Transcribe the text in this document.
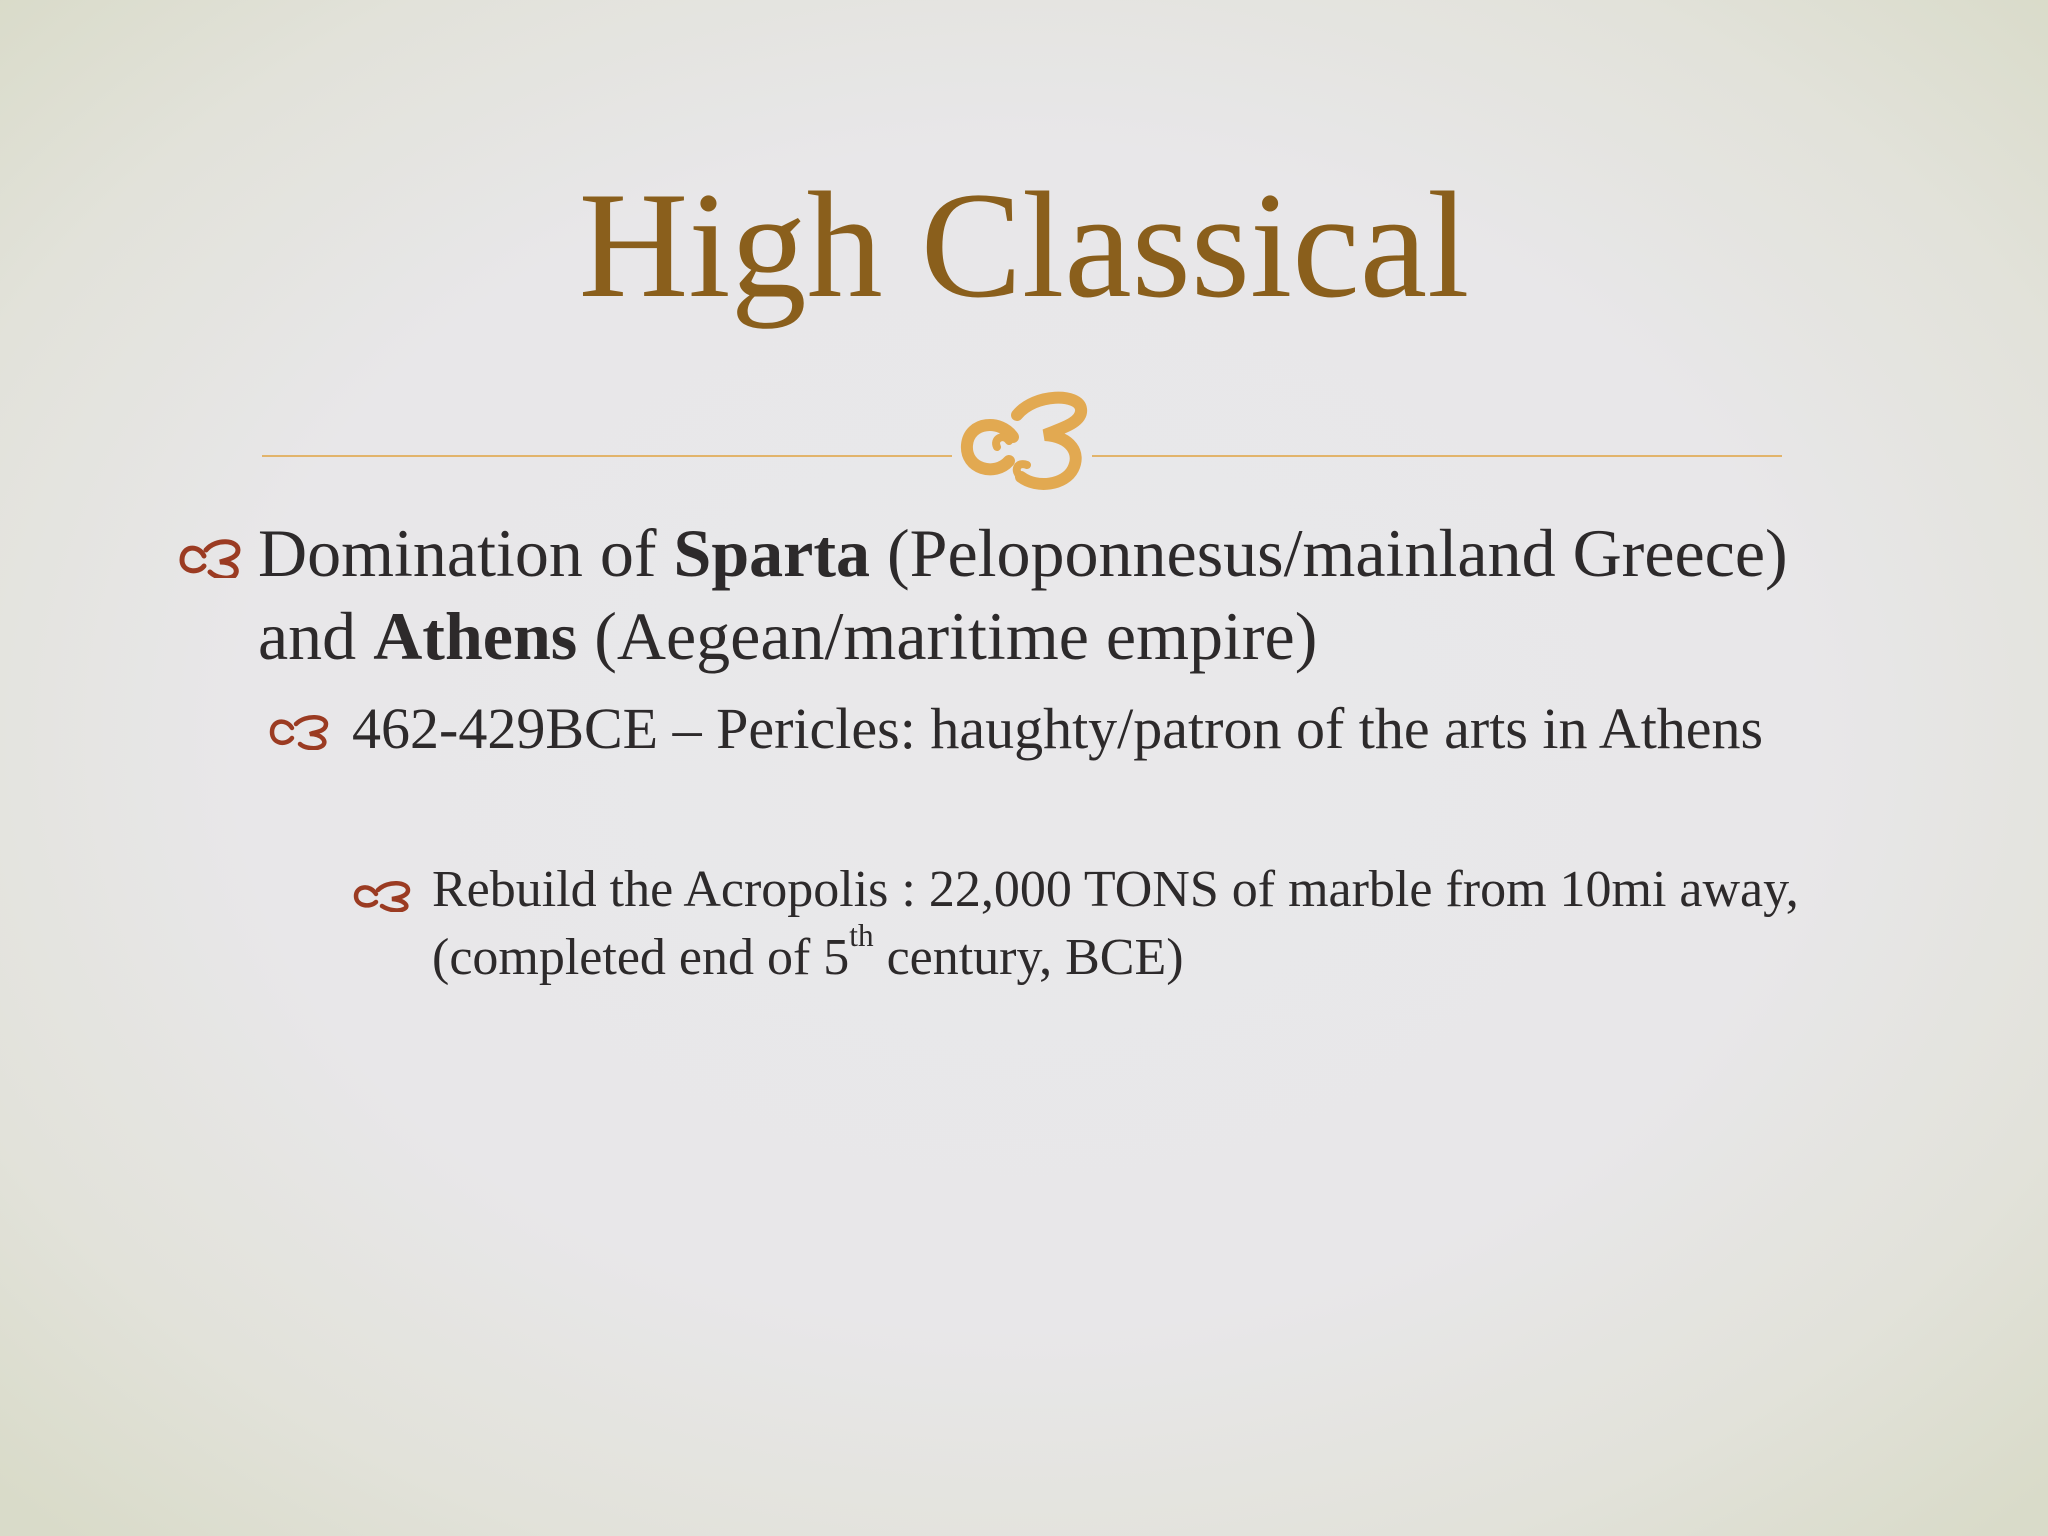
High Classical
Domination of Sparta (Peloponnesus/mainland Greece) and Athens (Aegean/maritime empire)
462-429BCE – Pericles: haughty/patron of the arts in Athens
Rebuild the Acropolis : 22,000 TONS of marble from 10mi away, (completed end of 5th century, BCE)
